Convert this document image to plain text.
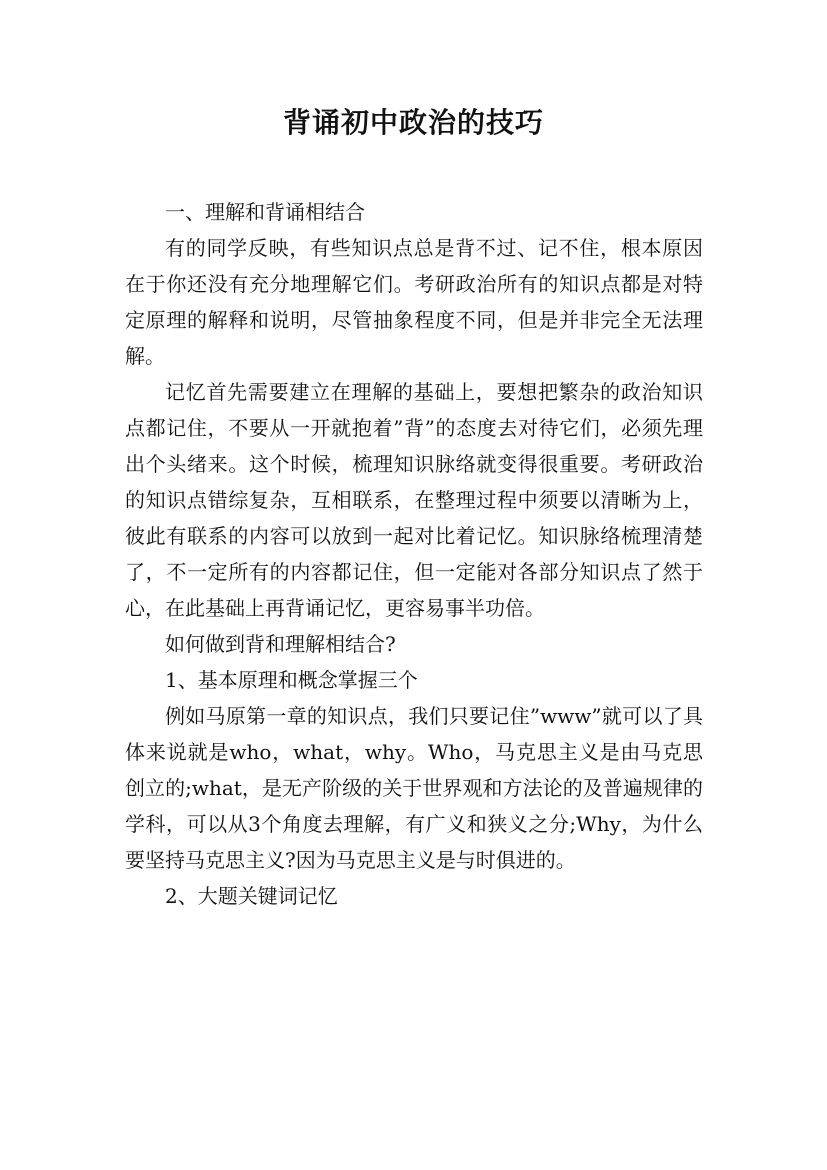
背诵初中政治的技巧

一、理解和背诵相结合

有的同学反映，有些知识点总是背不过、记不住，根本原因在于你还没有充分地理解它们。考研政治所有的知识点都是对特定原理的解释和说明，尽管抽象程度不同，但是并非完全无法理解。

记忆首先需要建立在理解的基础上，要想把繁杂的政治知识点都记住，不要从一开就抱着”背”的态度去对待它们，必须先理出个头绪来。这个时候，梳理知识脉络就变得很重要。考研政治的知识点错综复杂，互相联系，在整理过程中须要以清晰为上，彼此有联系的内容可以放到一起对比着记忆。知识脉络梳理清楚了，不一定所有的内容都记住，但一定能对各部分知识点了然于心，在此基础上再背诵记忆，更容易事半功倍。

如何做到背和理解相结合?

1、基本原理和概念掌握三个

例如马原第一章的知识点，我们只要记住”www”就可以了具体来说就是who，what，why。Who，马克思主义是由马克思创立的;what，是无产阶级的关于世界观和方法论的及普遍规律的学科，可以从3个角度去理解，有广义和狭义之分;Why，为什么要坚持马克思主义?因为马克思主义是与时俱进的。

2、大题关键词记忆
